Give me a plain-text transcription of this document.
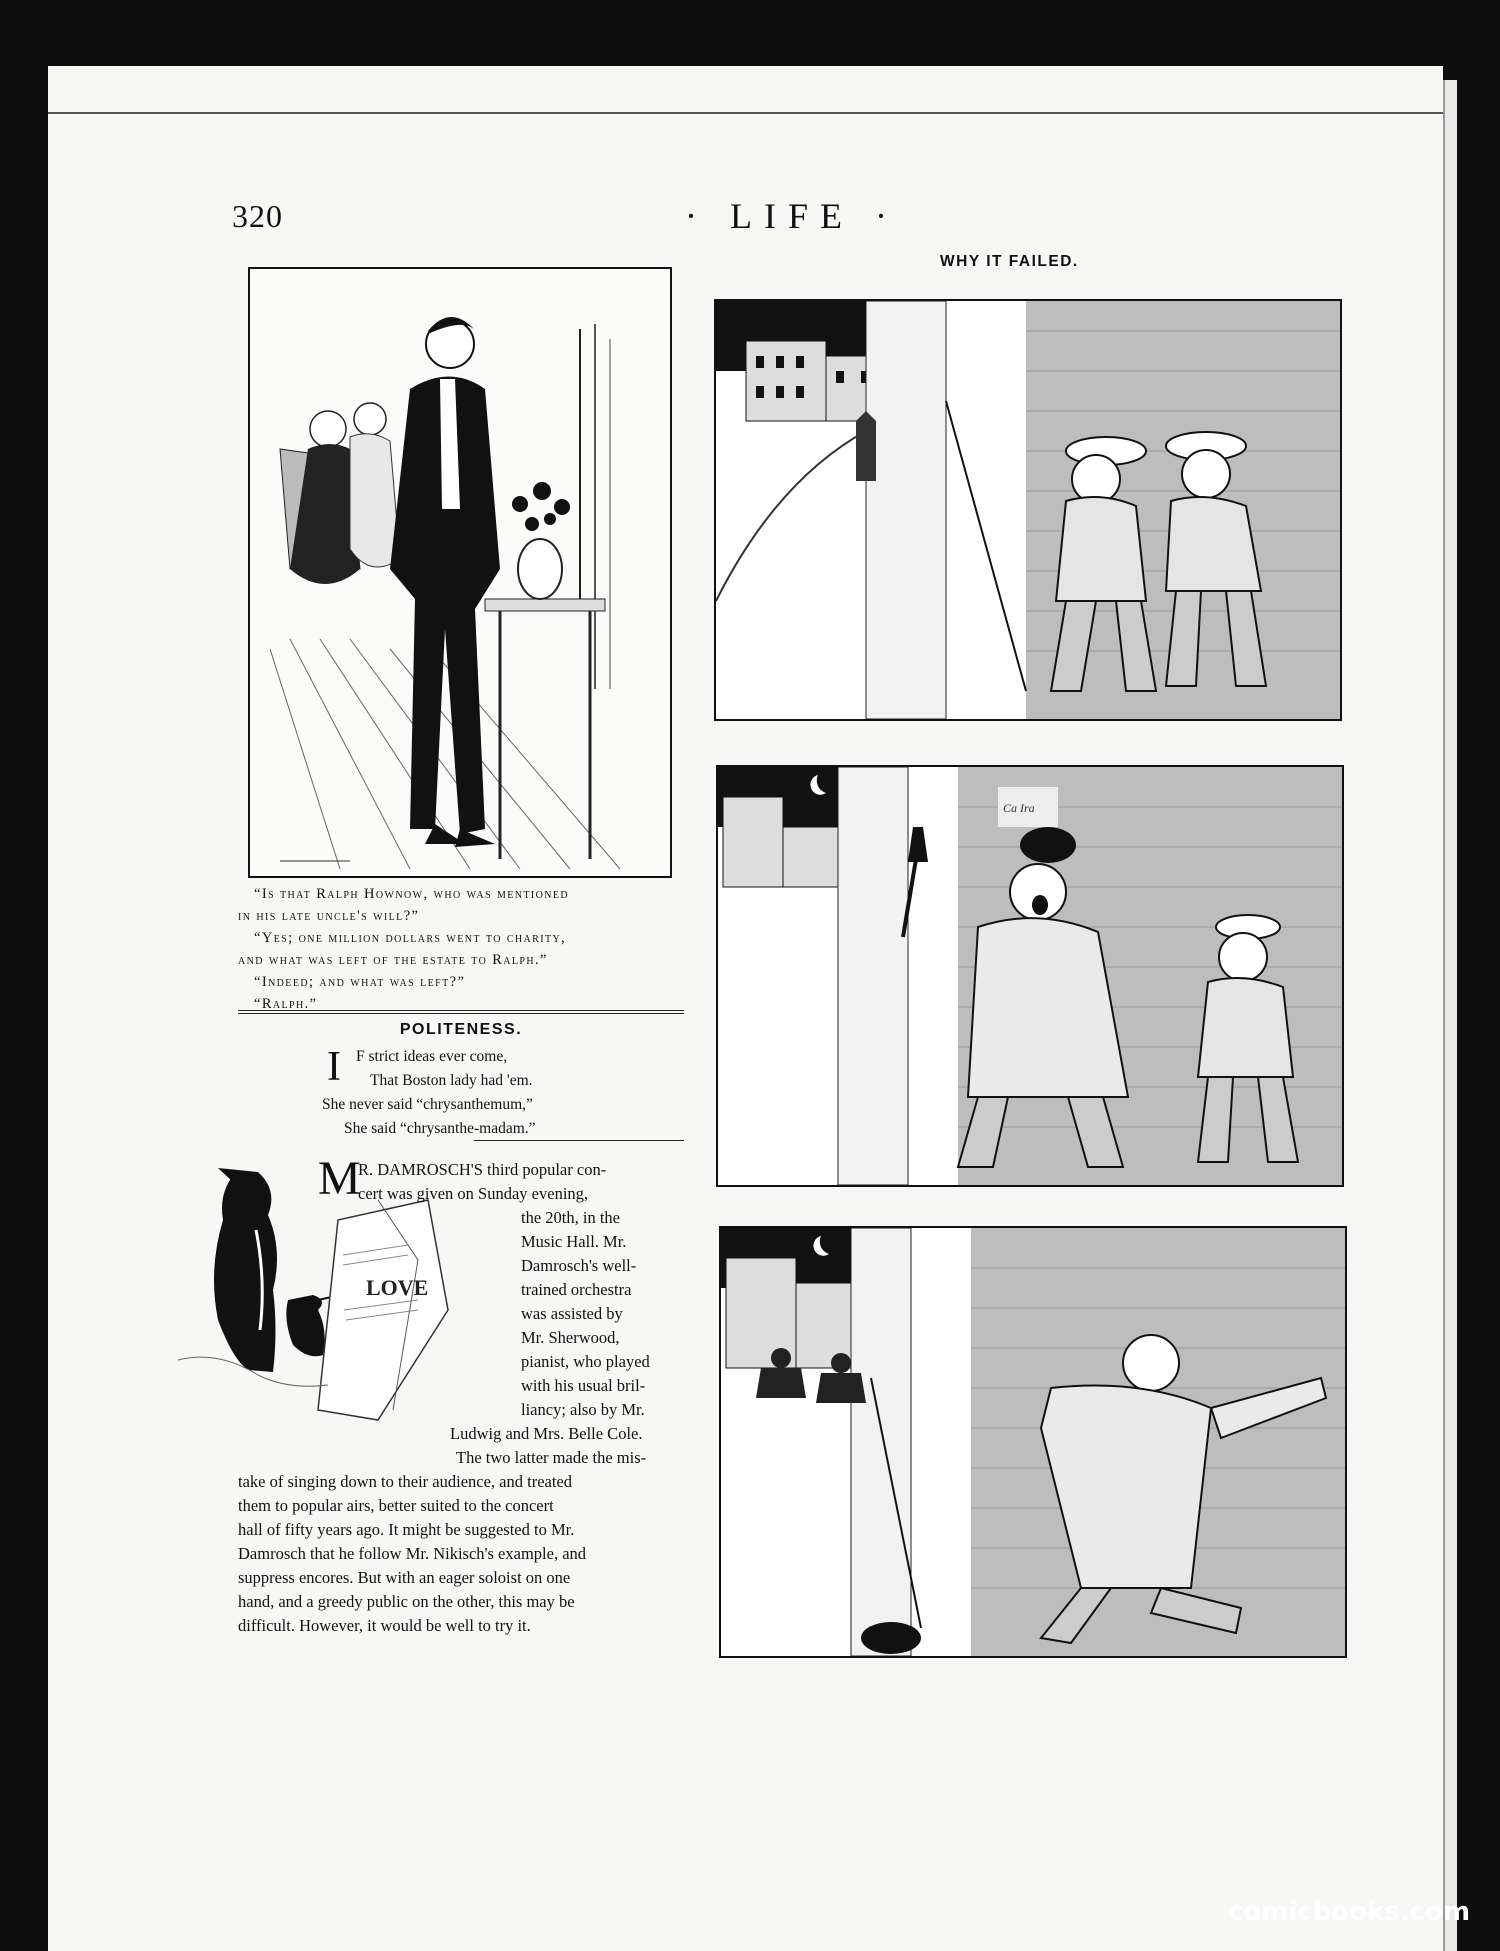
320	· LIFE ·
“Is that Ralph Hownow, who was mentioned
in his late uncle's will?”
“Yes; one million dollars went to charity,
and what was left of the estate to Ralph.”
“Indeed; and what was left?”
“Ralph.”
POLITENESS.
I F strict ideas ever come,
That Boston lady had 'em.
She never said “chrysanthemum,”
She said “chrysanthe-madam.”
LOVE
M
R. DAMROSCH'S third popular con-
cert was given on Sunday evening,
the 20th, in the
Music Hall. Mr.
Damrosch's well-
trained orchestra
was assisted by
Mr. Sherwood,
pianist, who played
with his usual bril-
liancy; also by Mr.
Ludwig and Mrs. Belle Cole.
The two latter made the mis-
take of singing down to their audience, and treated
them to popular airs, better suited to the concert
hall of fifty years ago. It might be suggested to Mr.
Damrosch that he follow Mr. Nikisch's example, and
suppress encores. But with an eager soloist on one
hand, and a greedy public on the other, this may be
difficult. However, it would be well to try it.
WHY IT FAILED.
Ca Ira
comicbooks.com
